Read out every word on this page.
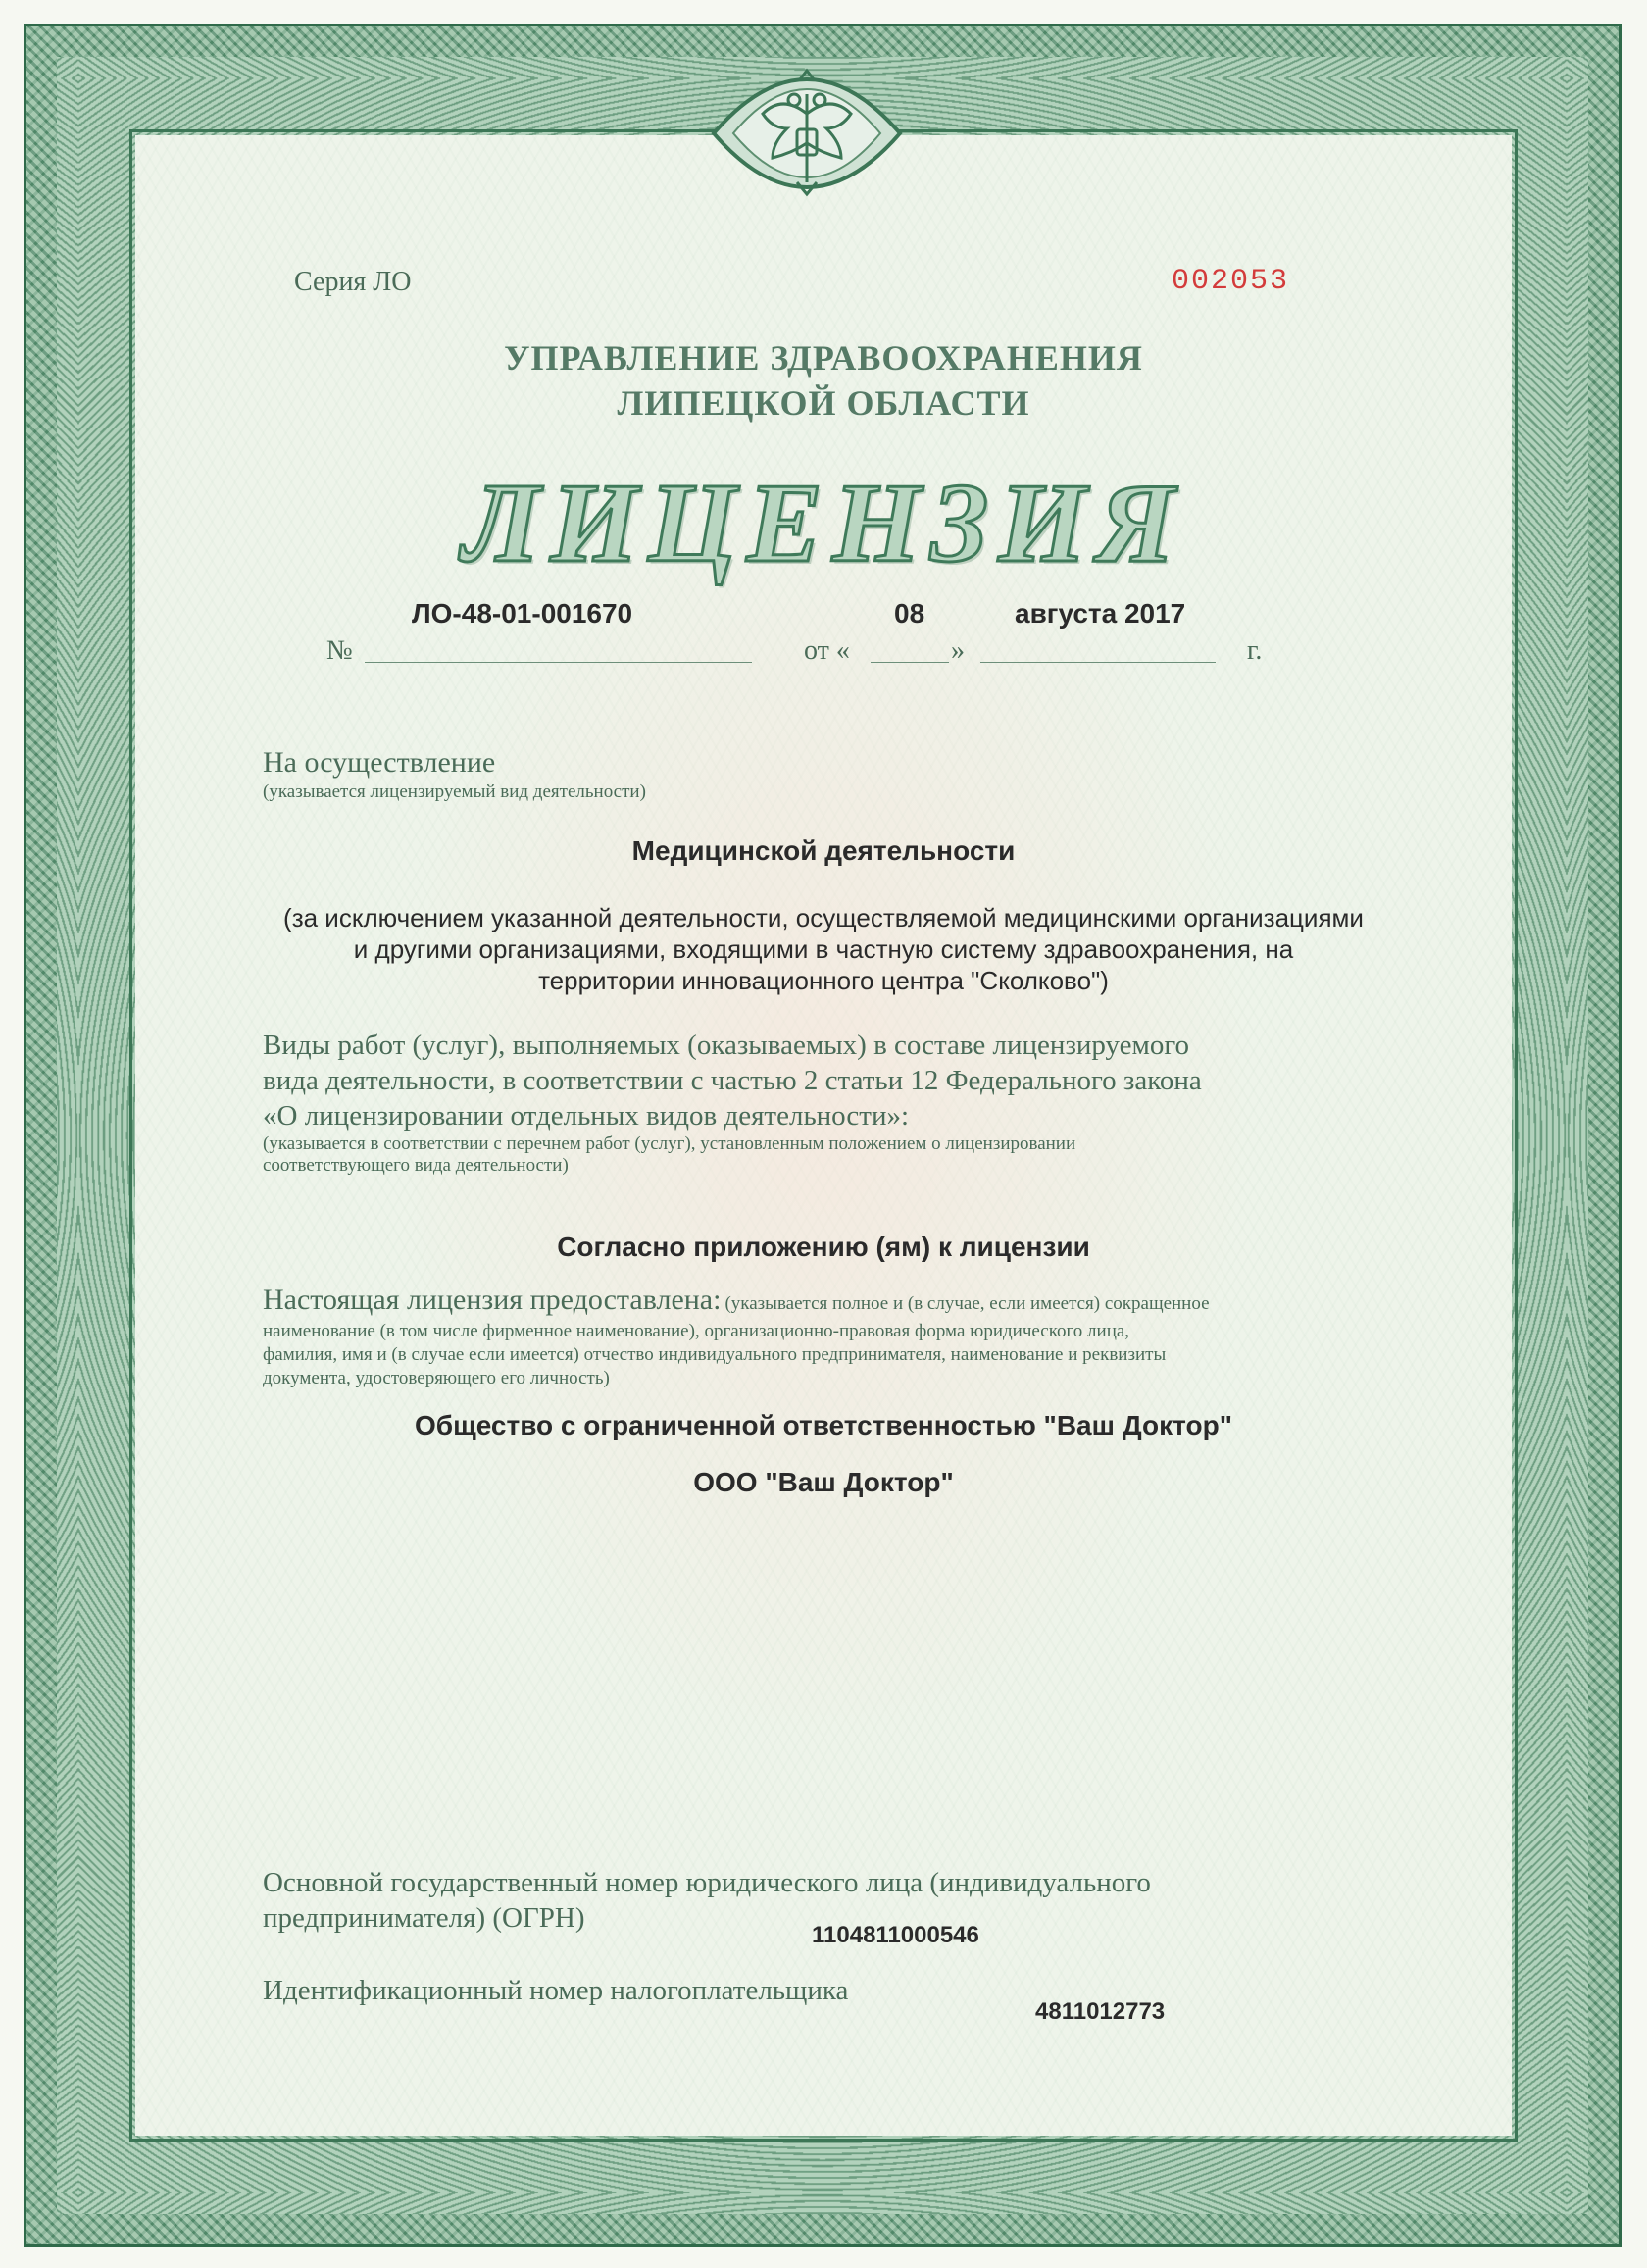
Серия ЛО	002053
УПРАВЛЕНИЕ ЗДРАВООХРАНЕНИЯ
ЛИПЕЦКОЙ ОБЛАСТИ
ЛИЦЕНЗИЯ
№
ЛО-48-01-001670
от «
08
»
августа 2017
г.
На осуществление
(указывается лицензируемый вид деятельности)
Медицинской деятельности
(за исключением указанной деятельности, осуществляемой медицинскими организациями
и другими организациями, входящими в частную систему здравоохранения, на
территории инновационного центра "Сколково")
Виды работ (услуг), выполняемых (оказываемых) в составе лицензируемого
вида деятельности, в соответствии с частью 2 статьи 12 Федерального закона
«О лицензировании отдельных видов деятельности»:
(указывается в соответствии с перечнем работ (услуг), установленным положением о лицензировании
соответствующего вида деятельности)
Согласно приложению (ям) к лицензии
Настоящая лицензия предоставлена: (указывается полное и (в случае, если имеется) сокращенное
наименование (в том числе фирменное наименование), организационно-правовая форма юридического лица,
фамилия, имя и (в случае если имеется) отчество индивидуального предпринимателя, наименование и реквизиты
документа, удостоверяющего его личность)
Общество с ограниченной ответственностью "Ваш Доктор"
ООО "Ваш Доктор"
Основной государственный номер юридического лица (индивидуального
предпринимателя) (ОГРН)
1104811000546
Идентификационный номер налогоплательщика
4811012773
